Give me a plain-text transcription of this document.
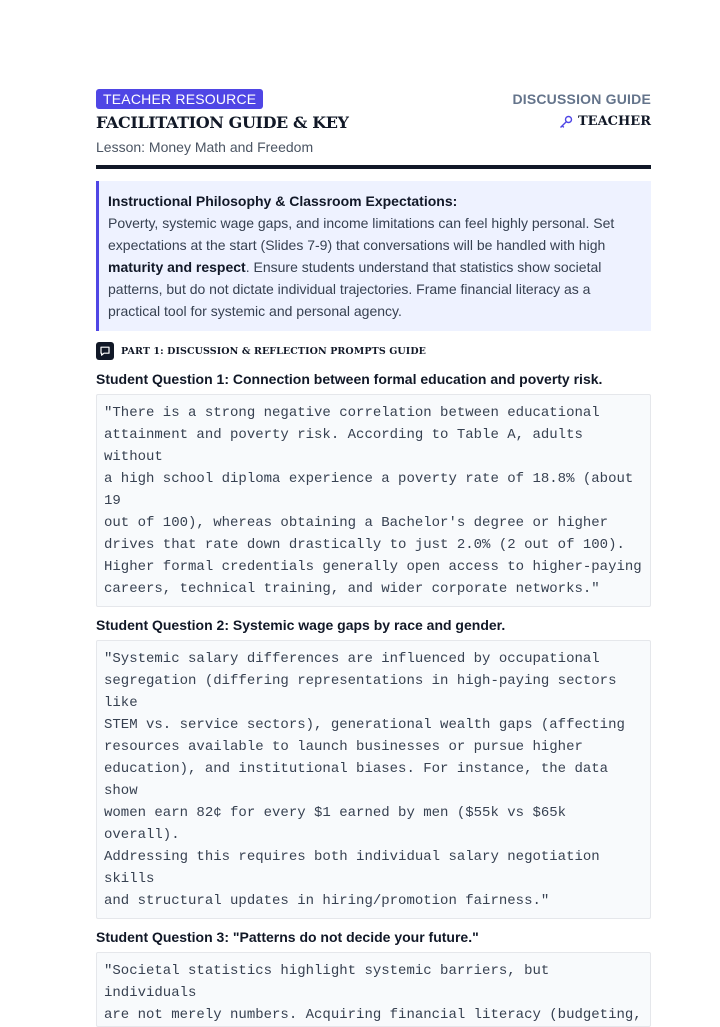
TEACHER RESOURCE
FACILITATION GUIDE & KEY
Lesson: Money Math and Freedom
DISCUSSION GUIDE
TEACHER
Instructional Philosophy & Classroom Expectations:
Poverty, systemic wage gaps, and income limitations can feel highly personal. Set expectations at the start (Slides 7-9) that conversations will be handled with high maturity and respect. Ensure students understand that statistics show societal patterns, but do not dictate individual trajectories. Frame financial literacy as a practical tool for systemic and personal agency.
PART 1: DISCUSSION & REFLECTION PROMPTS GUIDE
Student Question 1: Connection between formal education and poverty risk.
"There is a strong negative correlation between educational
attainment and poverty risk. According to Table A, adults without
a high school diploma experience a poverty rate of 18.8% (about 19
out of 100), whereas obtaining a Bachelor's degree or higher
drives that rate down drastically to just 2.0% (2 out of 100).
Higher formal credentials generally open access to higher-paying
careers, technical training, and wider corporate networks."
Student Question 2: Systemic wage gaps by race and gender.
"Systemic salary differences are influenced by occupational
segregation (differing representations in high-paying sectors like
STEM vs. service sectors), generational wealth gaps (affecting
resources available to launch businesses or pursue higher
education), and institutional biases. For instance, the data show
women earn 82¢ for every $1 earned by men ($55k vs $65k overall).
Addressing this requires both individual salary negotiation skills
and structural updates in hiring/promotion fairness."
Student Question 3: "Patterns do not decide your future."
"Societal statistics highlight systemic barriers, but individuals
are not merely numbers. Acquiring financial literacy (budgeting,
